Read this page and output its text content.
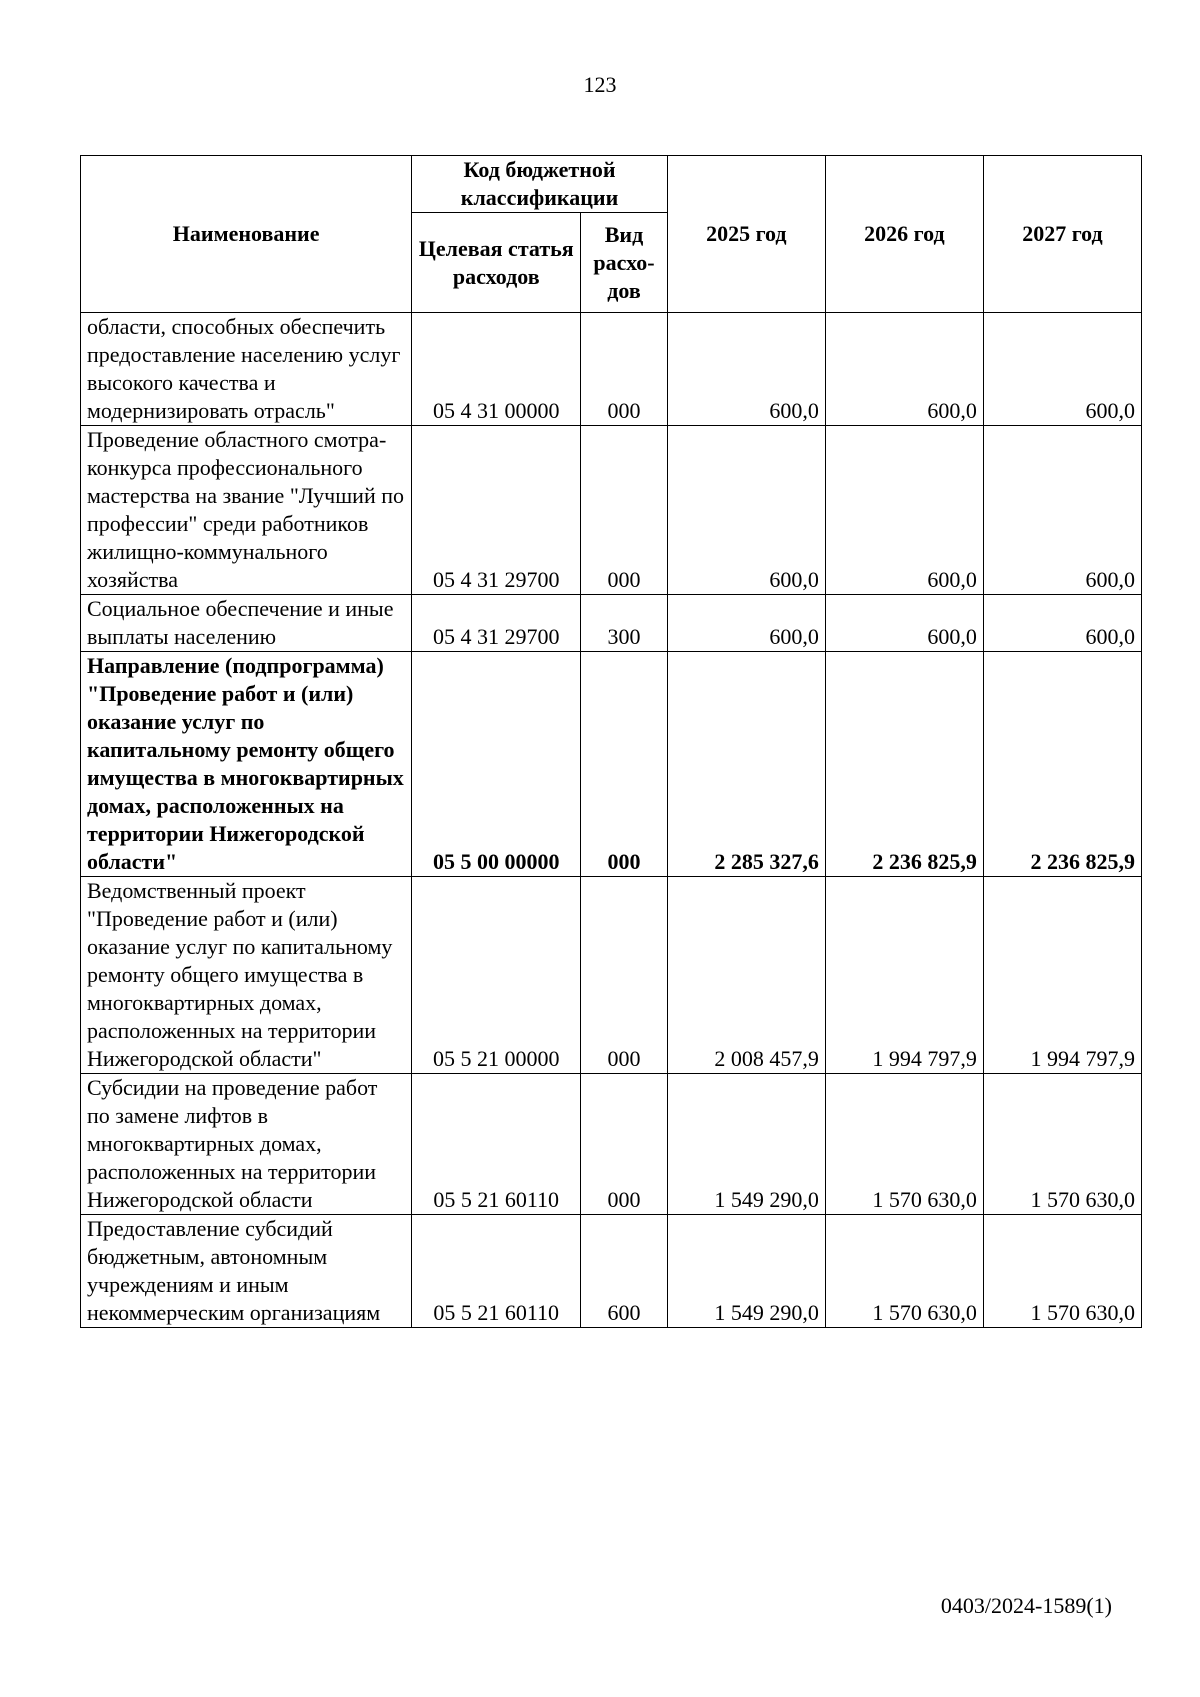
123
Наименование	Код бюджетной классификации		2025 год	2026 год	2027 год
	Целевая статья расходов	Вид расхо-дов			
области, способных обеспечить предоставление населению услуг высокого качества и модернизировать отрасль"	05 4 31 00000	000	600,0	600,0	600,0
Проведение областного смотра-конкурса профессионального мастерства на звание "Лучший по профессии" среди работников жилищно-коммунального хозяйства	05 4 31 29700	000	600,0	600,0	600,0
Социальное обеспечение и иные выплаты населению	05 4 31 29700	300	600,0	600,0	600,0
Направление (подпрограмма) "Проведение работ и (или) оказание услуг по капитальному ремонту общего имущества в многоквартирных домах, расположенных на территории Нижегородской области"	05 5 00 00000	000	2 285 327,6	2 236 825,9	2 236 825,9
Ведомственный проект "Проведение работ и (или) оказание услуг по капитальному ремонту общего имущества в многоквартирных домах, расположенных на территории Нижегородской области"	05 5 21 00000	000	2 008 457,9	1 994 797,9	1 994 797,9
Субсидии на проведение работ по замене лифтов в многоквартирных домах, расположенных на территории Нижегородской области	05 5 21 60110	000	1 549 290,0	1 570 630,0	1 570 630,0
Предоставление субсидий бюджетным, автономным учреждениям и иным некоммерческим организациям	05 5 21 60110	600	1 549 290,0	1 570 630,0	1 570 630,0
0403/2024-1589(1)
